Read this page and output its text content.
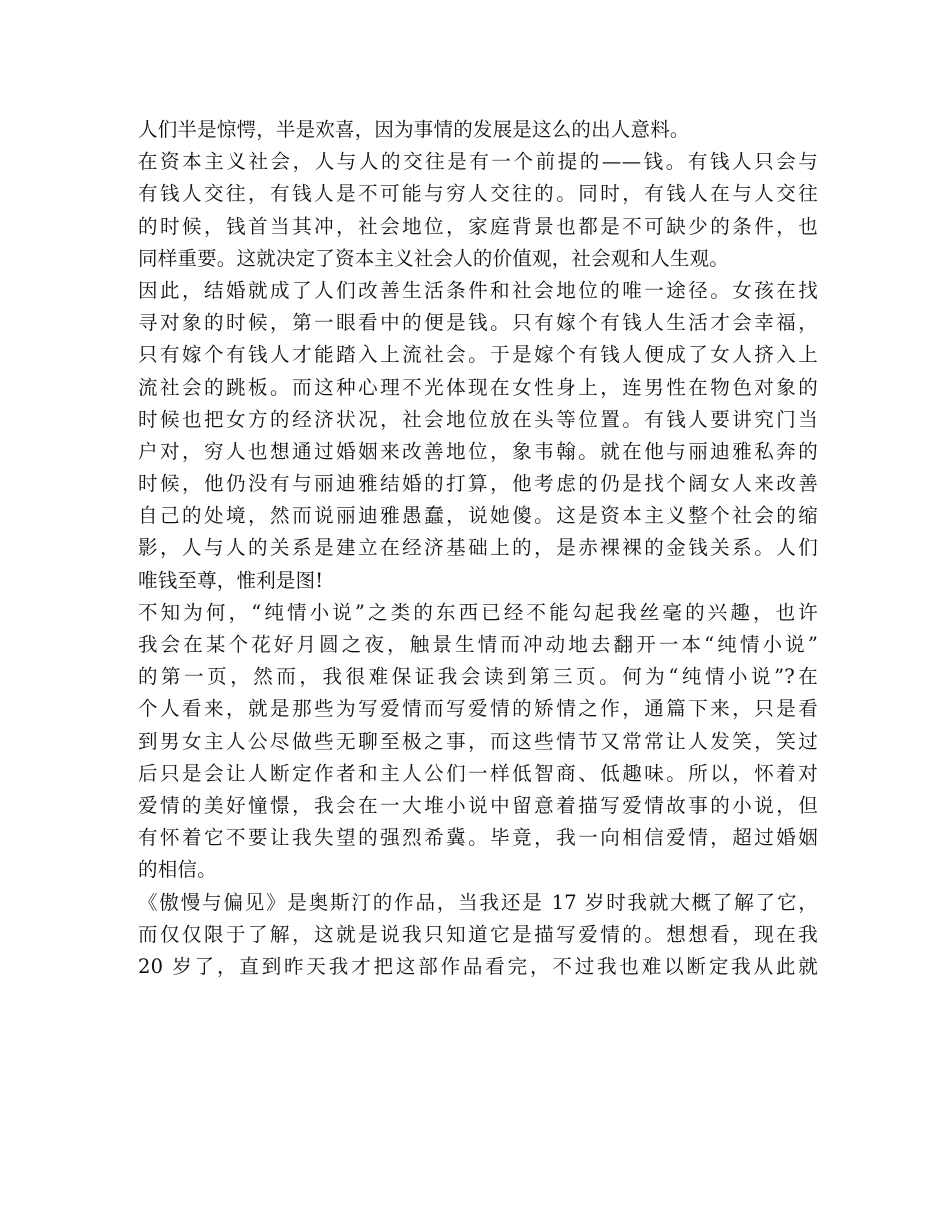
人们半是惊愕，半是欢喜，因为事情的发展是这么的出人意料。
在资本主义社会，人与人的交往是有一个前提的——钱。有钱人只会与
有钱人交往，有钱人是不可能与穷人交往的。同时，有钱人在与人交往
的时候，钱首当其冲，社会地位，家庭背景也都是不可缺少的条件，也
同样重要。这就决定了资本主义社会人的价值观，社会观和人生观。
因此，结婚就成了人们改善生活条件和社会地位的唯一途径。女孩在找
寻对象的时候，第一眼看中的便是钱。只有嫁个有钱人生活才会幸福，
只有嫁个有钱人才能踏入上流社会。于是嫁个有钱人便成了女人挤入上
流社会的跳板。而这种心理不光体现在女性身上，连男性在物色对象的
时候也把女方的经济状况，社会地位放在头等位置。有钱人要讲究门当
户对，穷人也想通过婚姻来改善地位，象韦翰。就在他与丽迪雅私奔的
时候，他仍没有与丽迪雅结婚的打算，他考虑的仍是找个阔女人来改善
自己的处境，然而说丽迪雅愚蠢，说她傻。这是资本主义整个社会的缩
影，人与人的关系是建立在经济基础上的，是赤裸裸的金钱关系。人们
唯钱至尊，惟利是图!
不知为何，“纯情小说”之类的东西已经不能勾起我丝毫的兴趣，也许
我会在某个花好月圆之夜，触景生情而冲动地去翻开一本“纯情小说”
的第一页，然而，我很难保证我会读到第三页。何为“纯情小说”?在
个人看来，就是那些为写爱情而写爱情的矫情之作，通篇下来，只是看
到男女主人公尽做些无聊至极之事，而这些情节又常常让人发笑，笑过
后只是会让人断定作者和主人公们一样低智商、低趣味。所以，怀着对
爱情的美好憧憬，我会在一大堆小说中留意着描写爱情故事的小说，但
有怀着它不要让我失望的强烈希冀。毕竟，我一向相信爱情，超过婚姻
的相信。
《傲慢与偏见》是奥斯汀的作品，当我还是 17 岁时我就大概了解了它，
而仅仅限于了解，这就是说我只知道它是描写爱情的。想想看，现在我
20 岁了，直到昨天我才把这部作品看完，不过我也难以断定我从此就
